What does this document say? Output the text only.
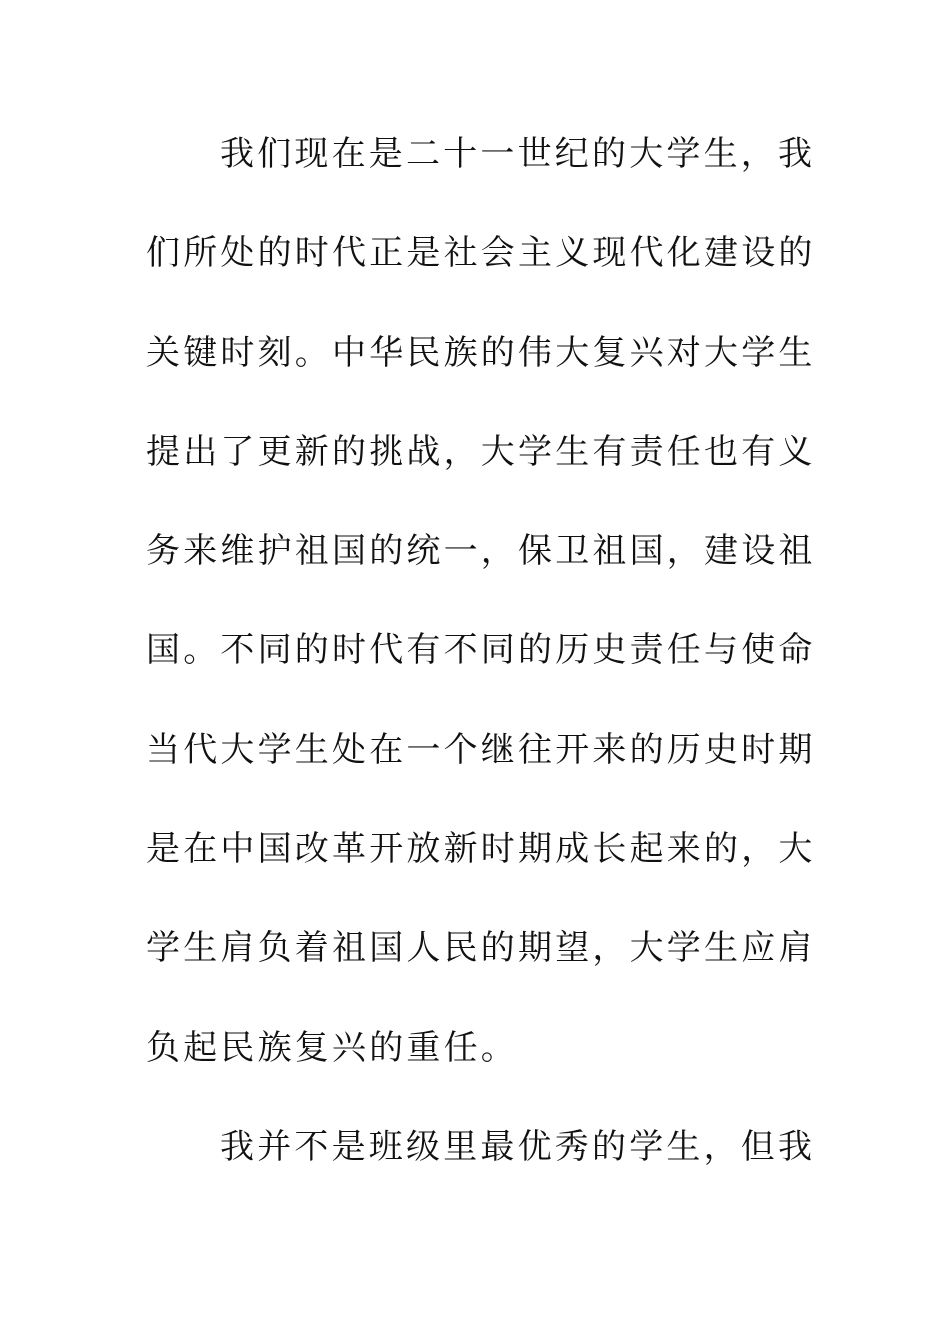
我们现在是二十一世纪的大学生，我
们所处的时代正是社会主义现代化建设的
关键时刻。中华民族的伟大复兴对大学生
提出了更新的挑战，大学生有责任也有义
务来维护祖国的统一，保卫祖国，建设祖
国。不同的时代有不同的历史责任与使命
当代大学生处在一个继往开来的历史时期
是在中国改革开放新时期成长起来的，大
学生肩负着祖国人民的期望，大学生应肩
负起民族复兴的重任。
我并不是班级里最优秀的学生，但我
